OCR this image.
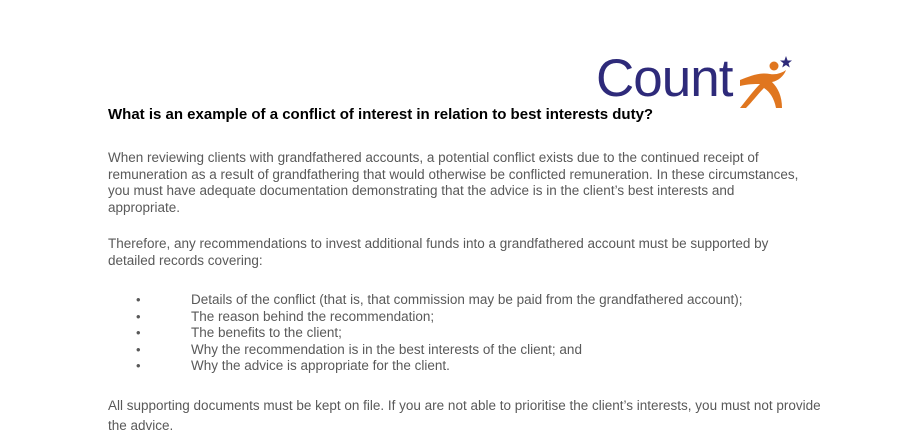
Count
What is an example of a conflict of interest in relation to best interests duty?

When reviewing clients with grandfathered accounts, a potential conflict exists due to the continued receipt of remuneration as a result of grandfathering that would otherwise be conflicted remuneration. In these circumstances, you must have adequate documentation demonstrating that the advice is in the client’s best interests and appropriate.

Therefore, any recommendations to invest additional funds into a grandfathered account must be supported by detailed records covering:

•	Details of the conflict (that is, that commission may be paid from the grandfathered account);
•	The reason behind the recommendation;
•	The benefits to the client;
•	Why the recommendation is in the best interests of the client; and
•	Why the advice is appropriate for the client.

All supporting documents must be kept on file. If you are not able to prioritise the client’s interests, you must not provide the advice.
